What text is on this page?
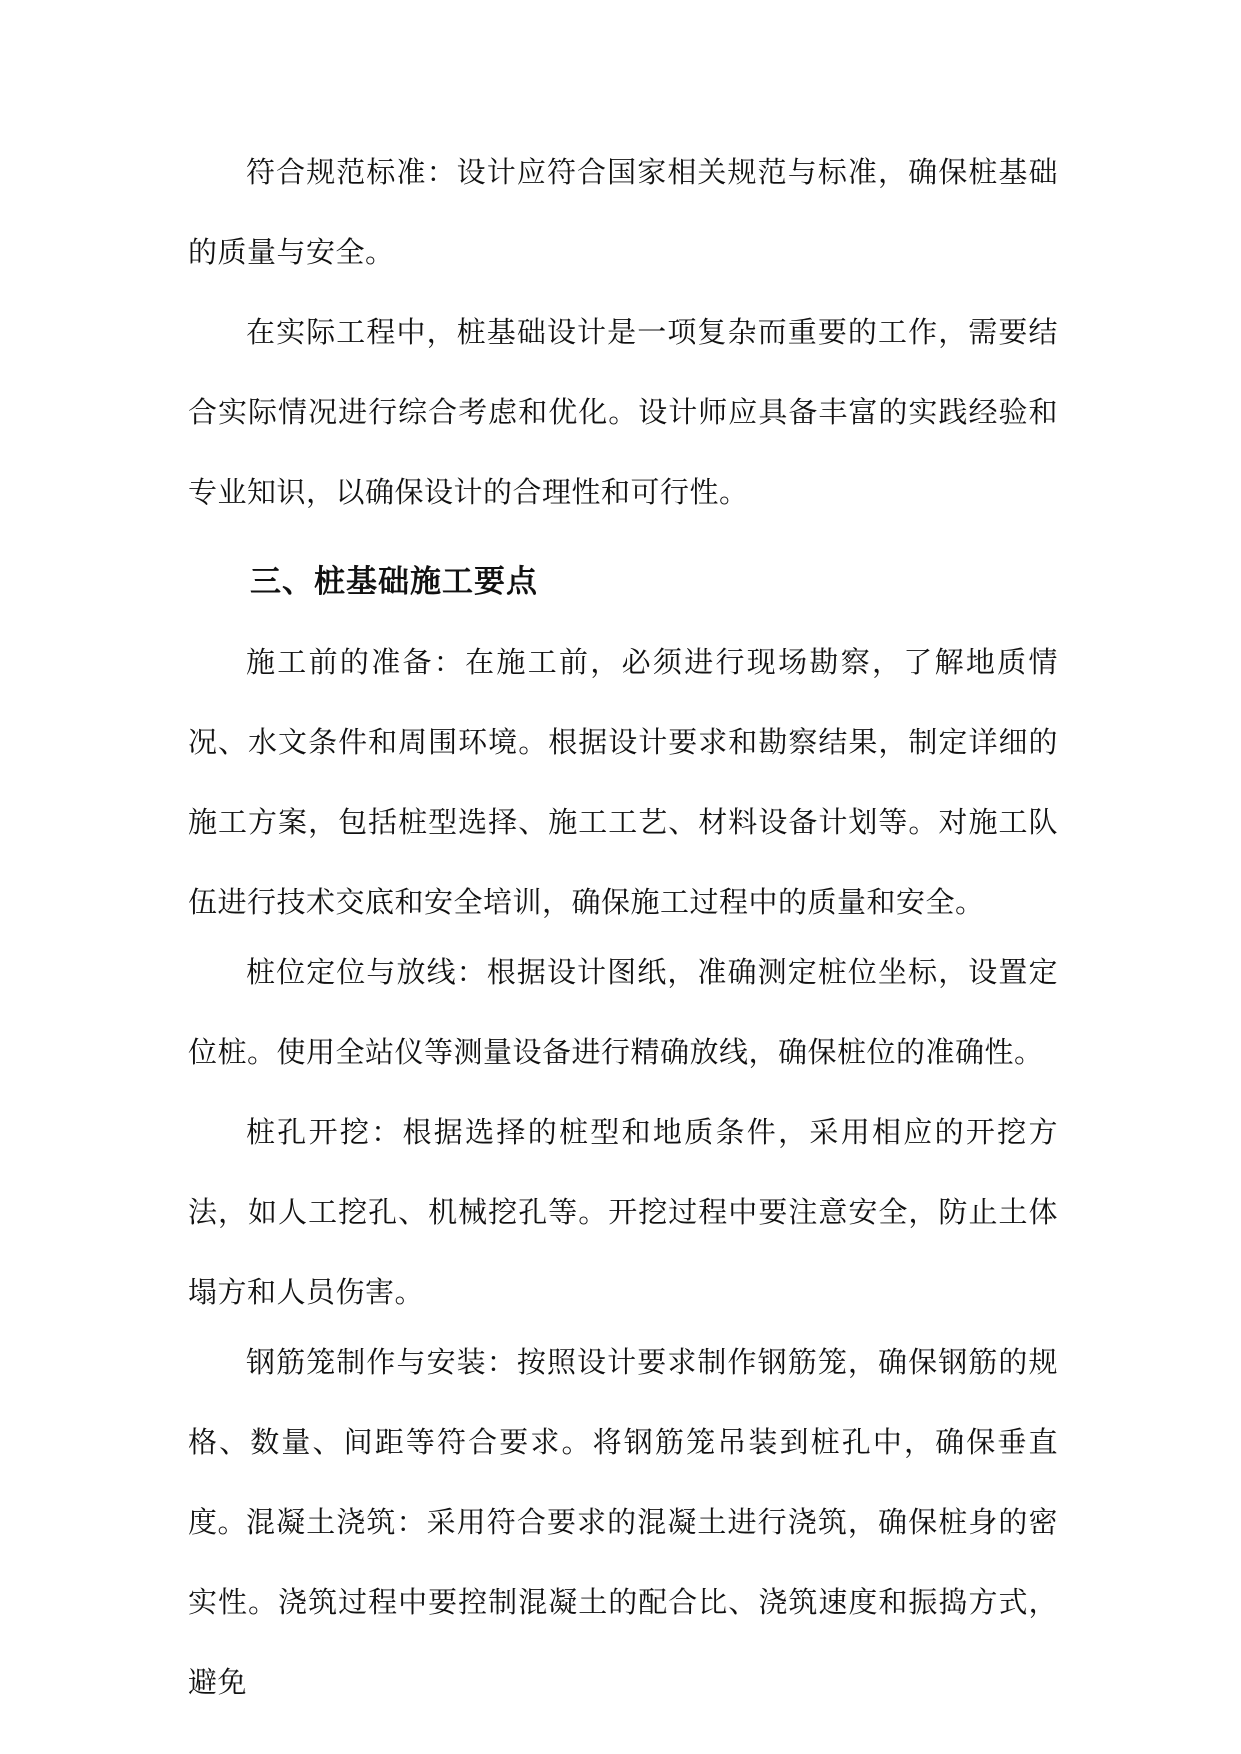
符合规范标准：设计应符合国家相关规范与标准，确保桩基础的质量与安全。

在实际工程中，桩基础设计是一项复杂而重要的工作，需要结合实际情况进行综合考虑和优化。设计师应具备丰富的实践经验和专业知识，以确保设计的合理性和可行性。

三、桩基础施工要点

施工前的准备：在施工前，必须进行现场勘察，了解地质情况、水文条件和周围环境。根据设计要求和勘察结果，制定详细的施工方案，包括桩型选择、施工工艺、材料设备计划等。对施工队伍进行技术交底和安全培训，确保施工过程中的质量和安全。

桩位定位与放线：根据设计图纸，准确测定桩位坐标，设置定位桩。使用全站仪等测量设备进行精确放线，确保桩位的准确性。

桩孔开挖：根据选择的桩型和地质条件，采用相应的开挖方法，如人工挖孔、机械挖孔等。开挖过程中要注意安全，防止土体塌方和人员伤害。

钢筋笼制作与安装：按照设计要求制作钢筋笼，确保钢筋的规格、数量、间距等符合要求。将钢筋笼吊装到桩孔中，确保垂直度。

混凝土浇筑：采用符合要求的混凝土进行浇筑，确保桩身的密实性。浇筑过程中要控制混凝土的配合比、浇筑速度和振捣方式，避免
